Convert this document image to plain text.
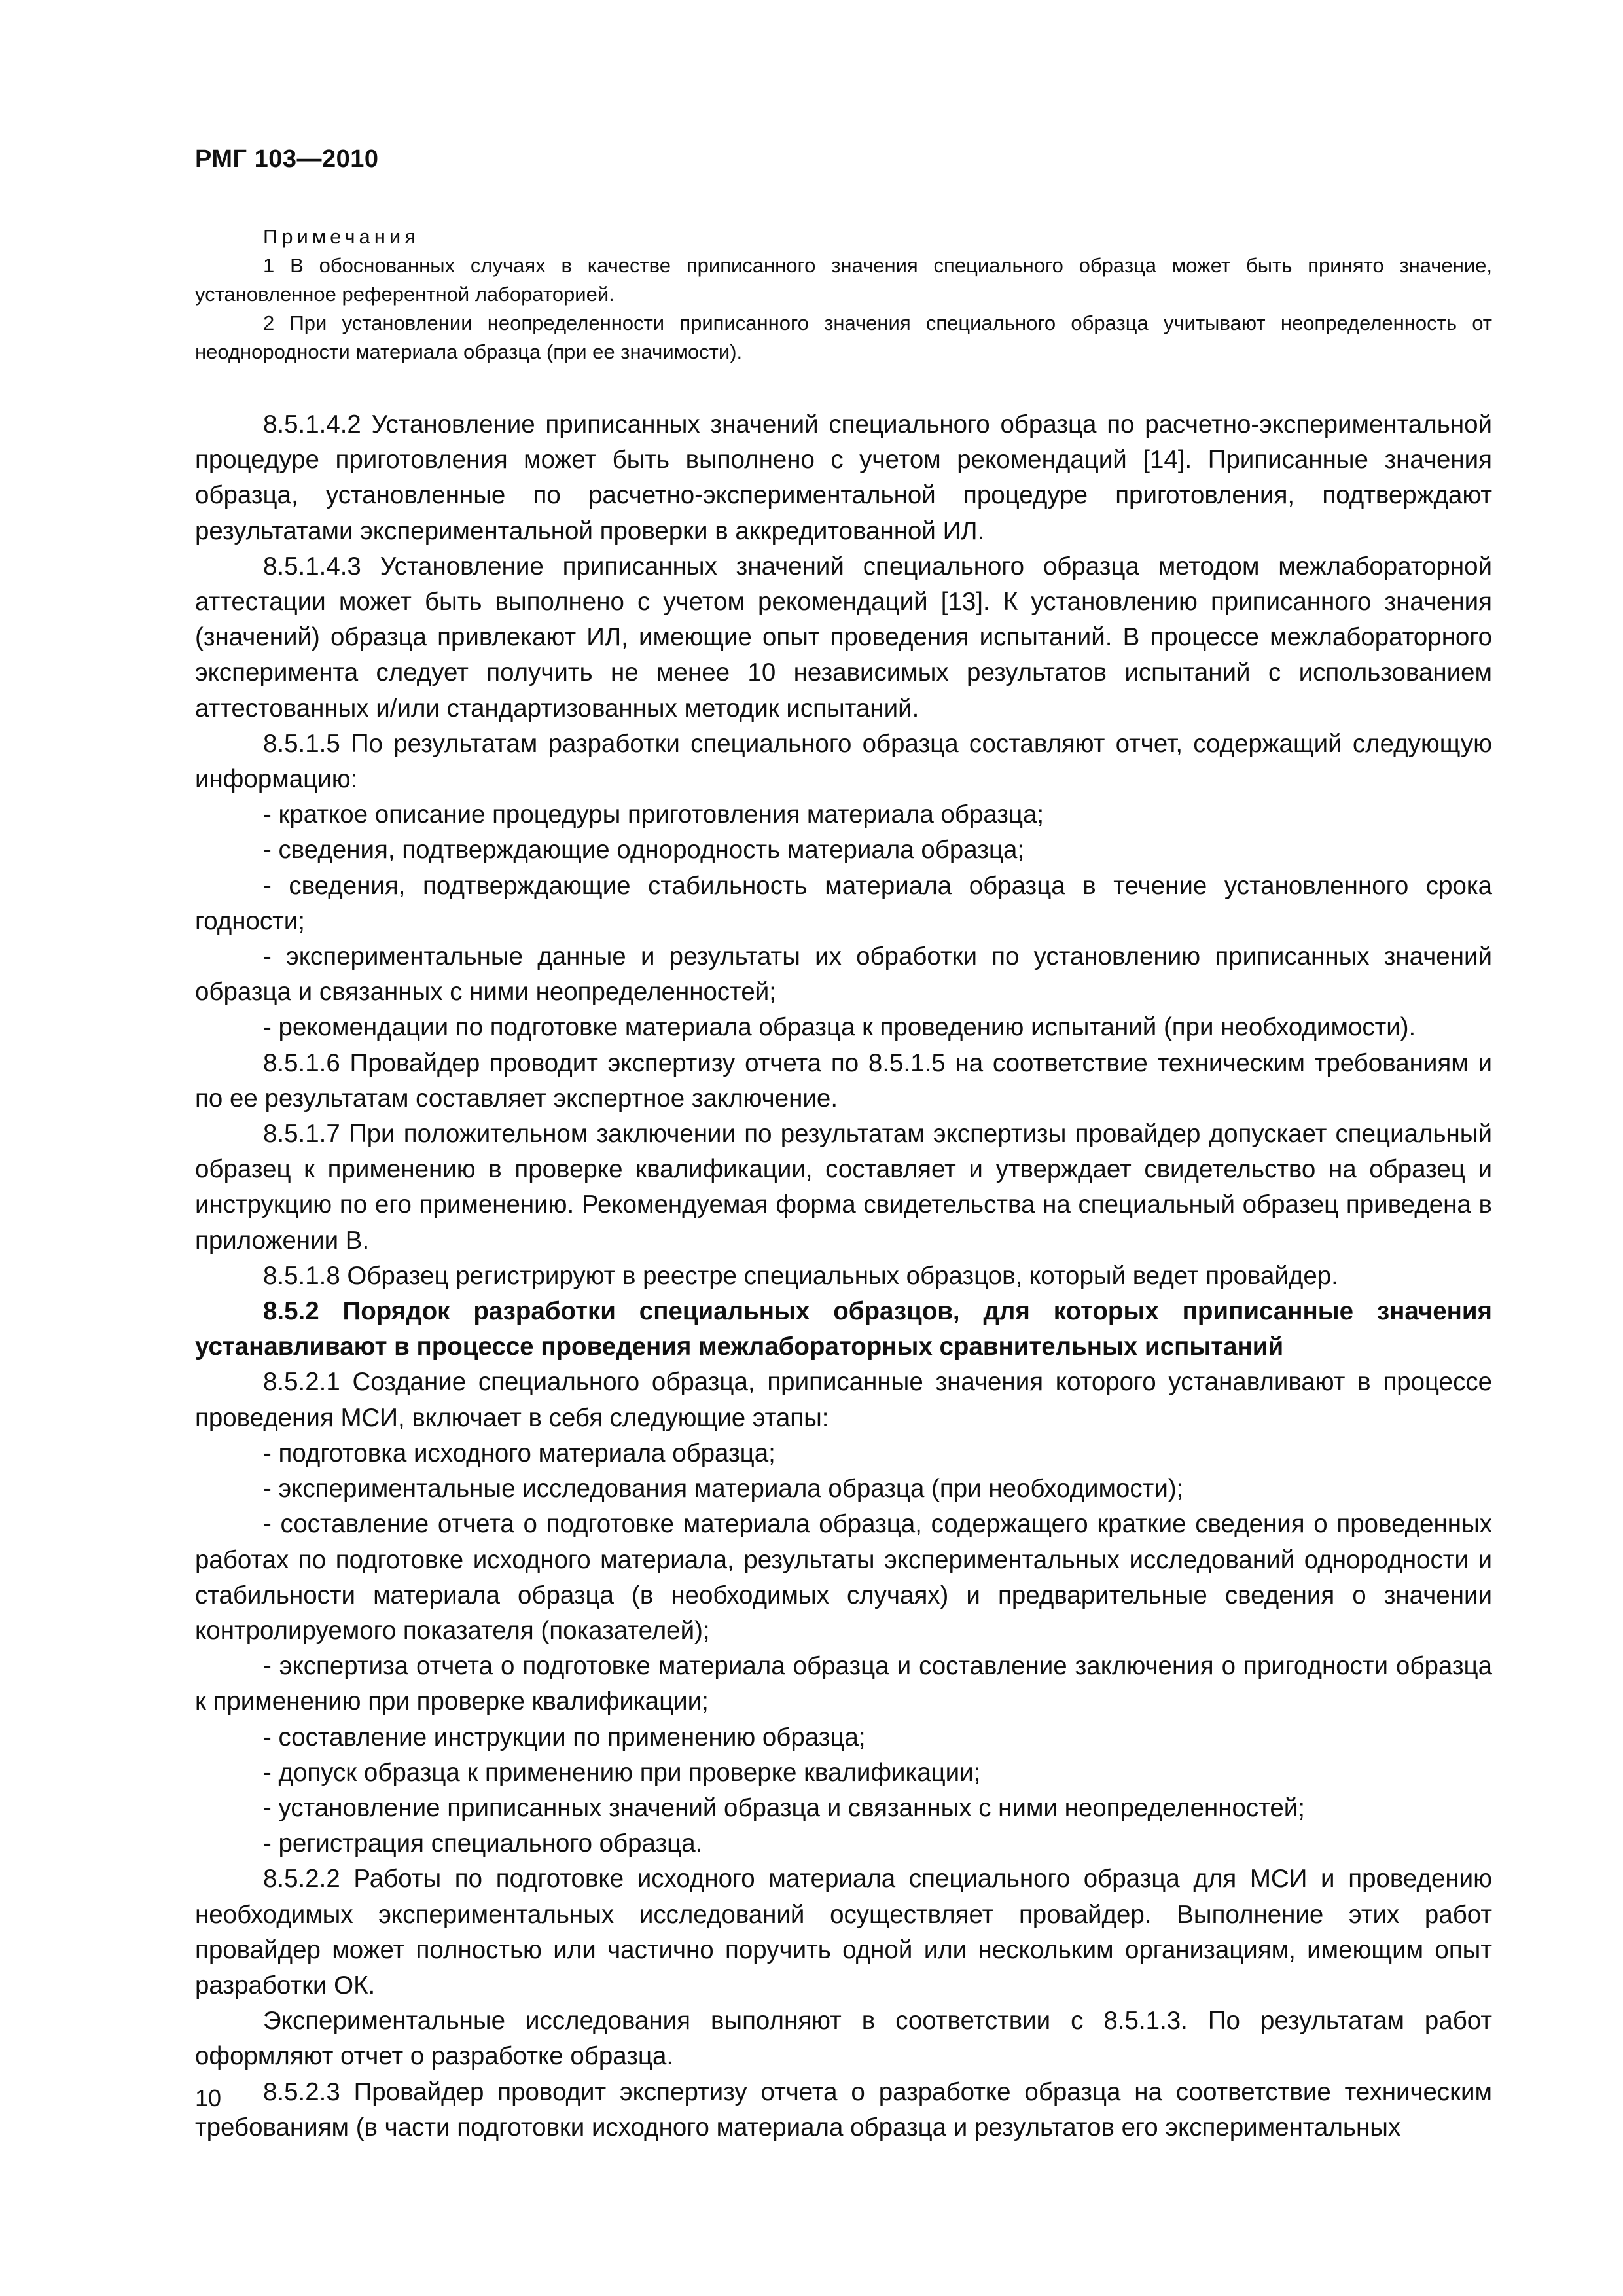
РМГ 103—2010
Примечания

1 В обоснованных случаях в качестве приписанного значения специального образца может быть принято значение, установленное референтной лабораторией.

2 При установлении неопределенности приписанного значения специального образца учитывают неопределенность от неоднородности материала образца (при ее значимости).

8.5.1.4.2 Установление приписанных значений специального образца по расчетно-экспериментальной процедуре приготовления может быть выполнено с учетом рекомендаций [14]. Приписанные значения образца, установленные по расчетно-экспериментальной процедуре приготовления, подтверждают результатами экспериментальной проверки в аккредитованной ИЛ.

8.5.1.4.3 Установление приписанных значений специального образца методом межлабораторной аттестации может быть выполнено с учетом рекомендаций [13]. К установлению приписанного значения (значений) образца привлекают ИЛ, имеющие опыт проведения испытаний. В процессе межлабораторного эксперимента следует получить не менее 10 независимых результатов испытаний с использованием аттестованных и/или стандартизованных методик испытаний.

8.5.1.5 По результатам разработки специального образца составляют отчет, содержащий следующую информацию:

- краткое описание процедуры приготовления материала образца;

- сведения, подтверждающие однородность материала образца;

- сведения, подтверждающие стабильность материала образца в течение установленного срока годности;

- экспериментальные данные и результаты их обработки по установлению приписанных значений образца и связанных с ними неопределенностей;

- рекомендации по подготовке материала образца к проведению испытаний (при необходимости).

8.5.1.6 Провайдер проводит экспертизу отчета по 8.5.1.5 на соответствие техническим требованиям и по ее результатам составляет экспертное заключение.

8.5.1.7 При положительном заключении по результатам экспертизы провайдер допускает специальный образец к применению в проверке квалификации, составляет и утверждает свидетельство на образец и инструкцию по его применению. Рекомендуемая форма свидетельства на специальный образец приведена в приложении В.

8.5.1.8 Образец регистрируют в реестре специальных образцов, который ведет провайдер.

8.5.2 Порядок разработки специальных образцов, для которых приписанные значения устанавливают в процессе проведения межлабораторных сравнительных испытаний

8.5.2.1 Создание специального образца, приписанные значения которого устанавливают в процессе проведения МСИ, включает в себя следующие этапы:

- подготовка исходного материала образца;

- экспериментальные исследования материала образца (при необходимости);

- составление отчета о подготовке материала образца, содержащего краткие сведения о проведенных работах по подготовке исходного материала, результаты экспериментальных исследований однородности и стабильности материала образца (в необходимых случаях) и предварительные сведения о значении контролируемого показателя (показателей);

- экспертиза отчета о подготовке материала образца и составление заключения о пригодности образца к применению при проверке квалификации;

- составление инструкции по применению образца;

- допуск образца к применению при проверке квалификации;

- установление приписанных значений образца и связанных с ними неопределенностей;

- регистрация специального образца.

8.5.2.2 Работы по подготовке исходного материала специального образца для МСИ и проведению необходимых экспериментальных исследований осуществляет провайдер. Выполнение этих работ провайдер может полностью или частично поручить одной или нескольким организациям, имеющим опыт разработки ОК.

Экспериментальные исследования выполняют в соответствии с 8.5.1.3. По результатам работ оформляют отчет о разработке образца.

8.5.2.3 Провайдер проводит экспертизу отчета о разработке образца на соответствие техническим требованиям (в части подготовки исходного материала образца и результатов его экспериментальных

10
